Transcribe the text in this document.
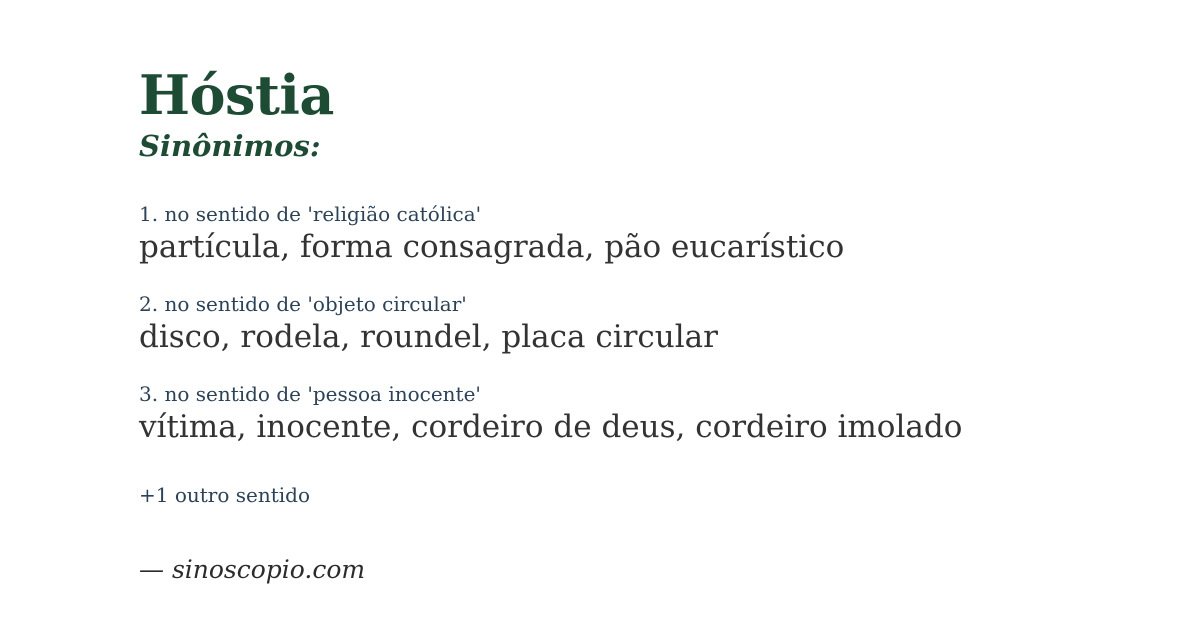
Hóstia
Sinônimos:
1. no sentido de 'religião católica'
partícula, forma consagrada, pão eucarístico
2. no sentido de 'objeto circular'
disco, rodela, roundel, placa circular
3. no sentido de 'pessoa inocente'
vítima, inocente, cordeiro de deus, cordeiro imolado
+1 outro sentido
— sinoscopio.com
